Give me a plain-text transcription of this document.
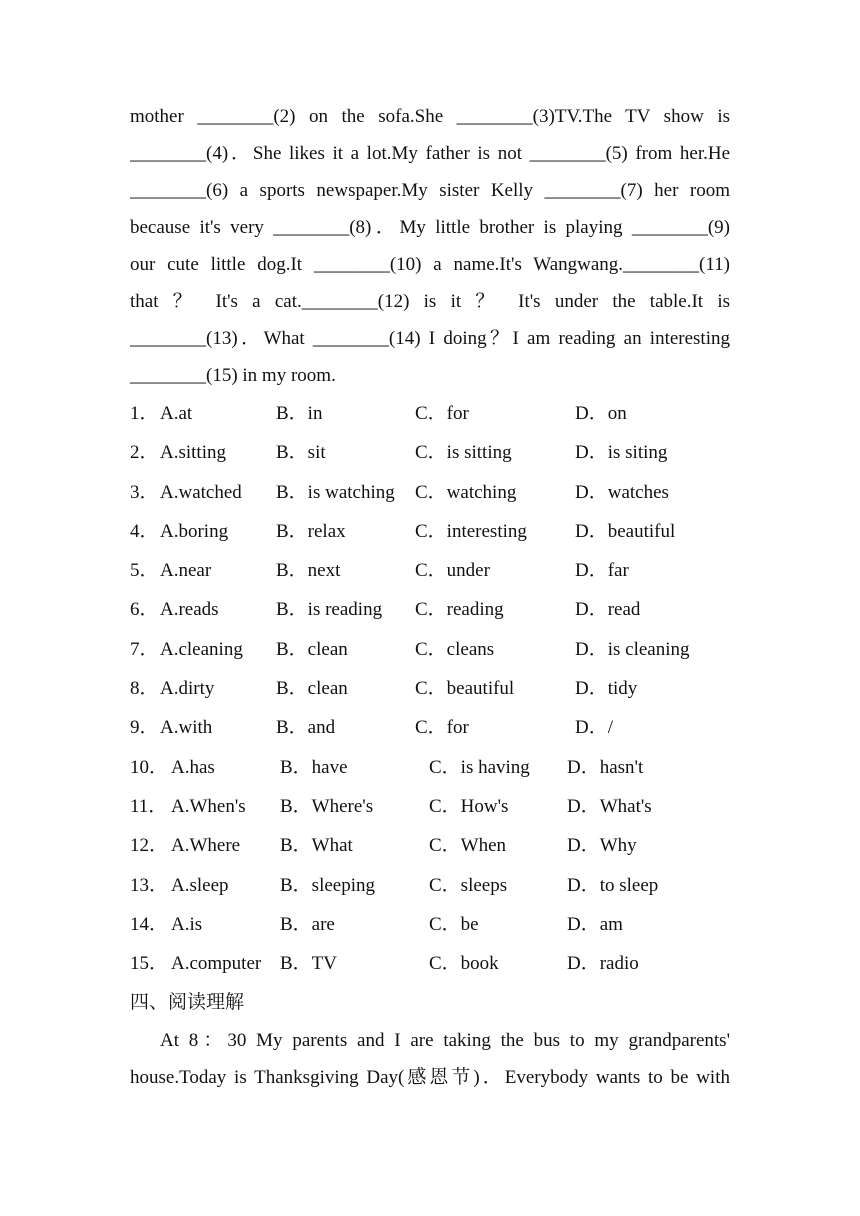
mother ________(2) on the sofa.She ________(3)TV.The TV show is
________(4)．She likes it a lot.My father is not ________(5) from her.He
________(6) a sports newspaper.My sister Kelly ________(7) her room
because it's very ________(8)．My little brother is playing ________(9)
our cute little dog.It ________(10) a name.It's Wangwang.________(11)
that ？ It's a cat.________(12) is it ？ It's under the table.It is
________(13)．What ________(14) I doing？I am reading an interesting
________(15) in my room.
1． A.at	B．in	C．for	D．on
2． A.sitting	B．sit	C．is sitting	D．is siting
3． A.watched B．is watching C．watching	D．watches
4． A.boring	B．relax	C．interesting	D．beautiful
5． A.near	B．next	C．under	D．far
6． A.reads	B．is reading C．reading	D．read
7． A.cleaning B．clean	C．cleans	D．is cleaning
8． A.dirty	B．clean	C．beautiful	D．tidy
9． A.with	B．and	C．for	D．/
10． A.has	B．have	C．is having D．hasn't
11． A.When's B．Where's	C．How's	D．What's
12． A.Where B．What	C．When	D．Why
13． A.sleep	B．sleeping	C．sleeps	D．to sleep
14． A.is	B．are	C．be	D．am
15． A.computer B．TV	C．book	D．radio
四、阅读理解
At 8：30 My parents and I are taking the bus to my grandparents'
house.Today is Thanksgiving Day(感恩节)．Everybody wants to be with
